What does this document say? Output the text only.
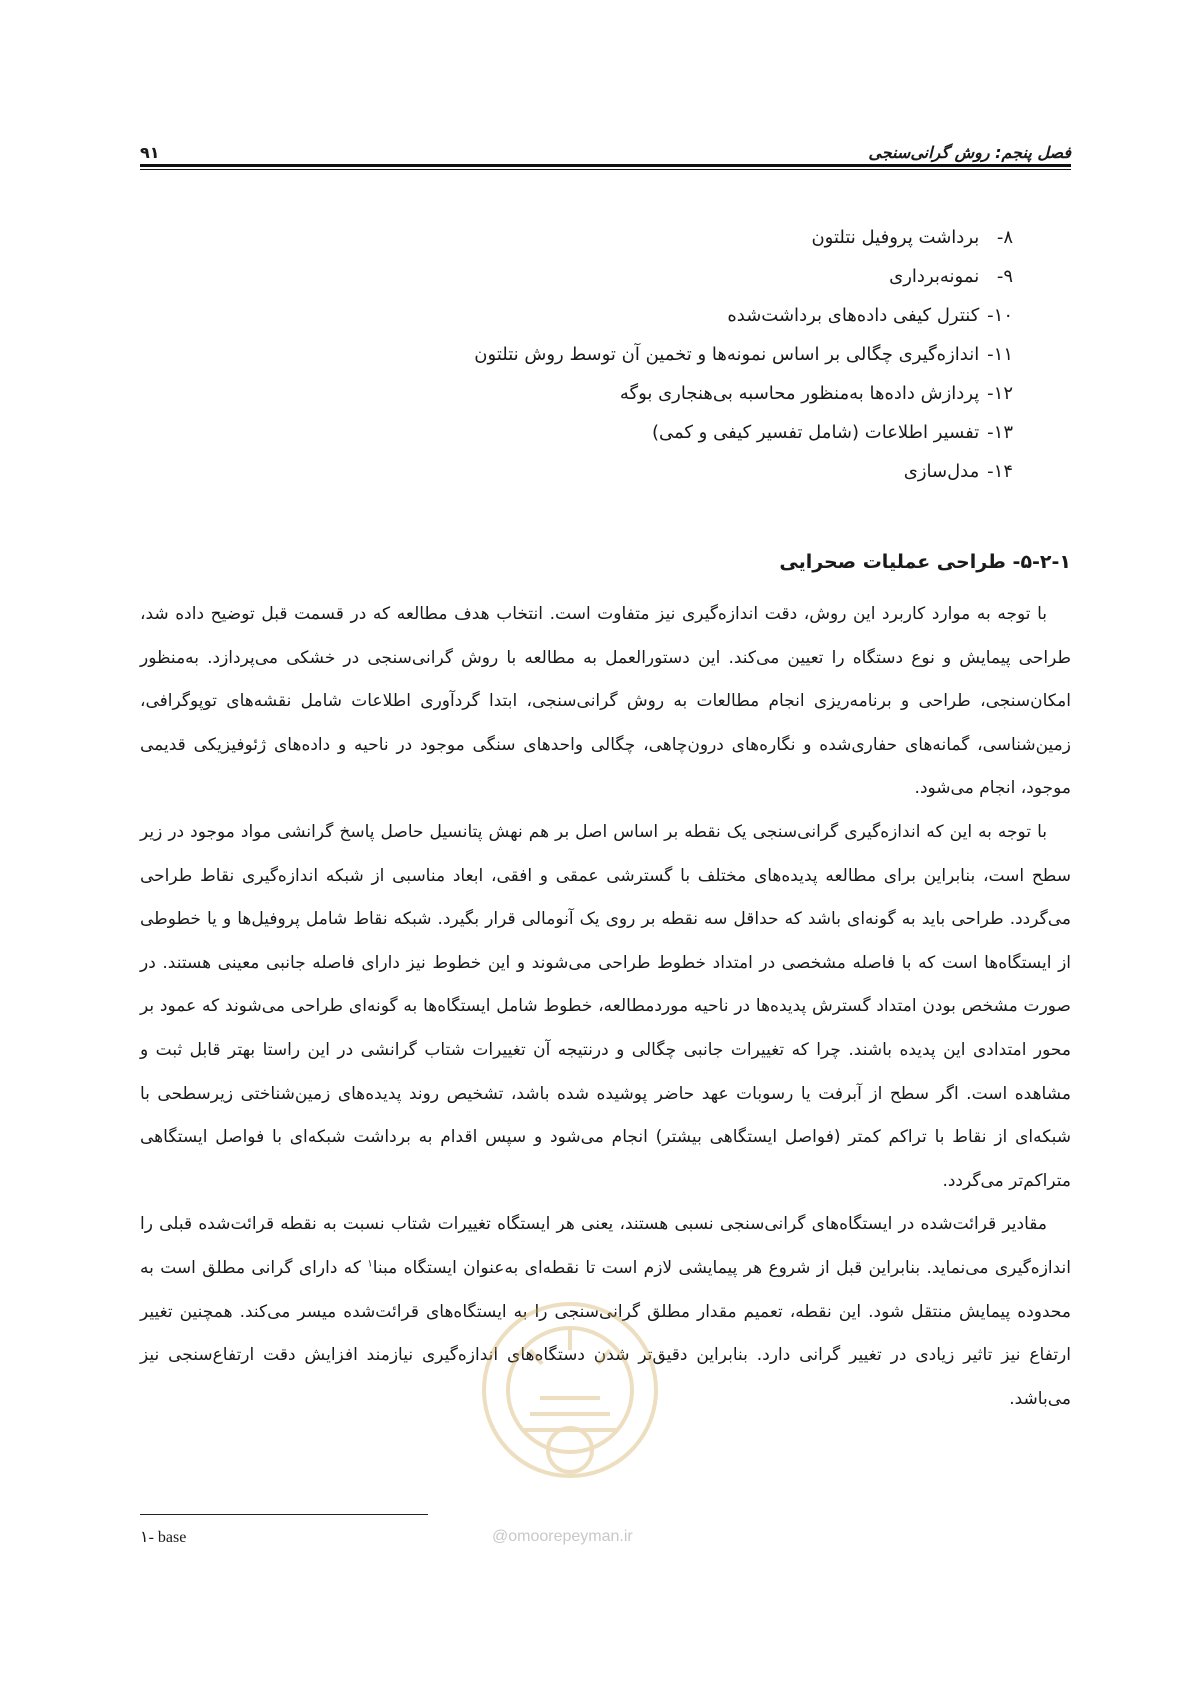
فصل پنجم: روش گرانی‌سنجی
۹۱
۸- برداشت پروفیل نتلتون
۹- نمونه‌برداری
۱۰- کنترل کیفی داده‌های برداشت‌شده
۱۱- اندازه‌گیری چگالی بر اساس نمونه‌ها و تخمین آن توسط روش نتلتون
۱۲- پردازش داده‌ها به‌منظور محاسبه بی‌هنجاری بوگه
۱۳- تفسیر اطلاعات (شامل تفسیر کیفی و کمی)
۱۴- مدل‌سازی
۵-۲-۱- طراحی عملیات صحرایی

با توجه به موارد کاربرد این روش، دقت اندازه‌گیری نیز متفاوت است. انتخاب هدف مطالعه که در قسمت قبل توضیح داده شد، طراحی پیمایش و نوع دستگاه را تعیین می‌کند. این دستورالعمل به مطالعه با روش گرانی‌سنجی در خشکی می‌پردازد. به‌منظور امکان‌سنجی، طراحی و برنامه‌ریزی انجام مطالعات به روش گرانی‌سنجی، ابتدا گردآوری اطلاعات شامل نقشه‌های توپوگرافی، زمین‌شناسی، گمانه‌های حفاری‌شده و نگاره‌های درون‌چاهی، چگالی واحدهای سنگی موجود در ناحیه و داده‌های ژئوفیزیکی قدیمی موجود، انجام می‌شود.

با توجه به این که اندازه‌گیری گرانی‌سنجی یک نقطه بر اساس اصل بر هم نهش پتانسیل حاصل پاسخ گرانشی مواد موجود در زیر سطح است، بنابراین برای مطالعه پدیده‌های مختلف با گسترشی عمقی و افقی، ابعاد مناسبی از شبکه اندازه‌گیری نقاط طراحی می‌گردد. طراحی باید به گونه‌ای باشد که حداقل سه نقطه بر روی یک آنومالی قرار بگیرد. شبکه نقاط شامل پروفیل‌ها و یا خطوطی از ایستگاه‌ها است که با فاصله مشخصی در امتداد خطوط طراحی می‌شوند و این خطوط نیز دارای فاصله جانبی معینی هستند. در صورت مشخص بودن امتداد گسترش پدیده‌ها در ناحیه موردمطالعه، خطوط شامل ایستگاه‌ها به گونه‌ای طراحی می‌شوند که عمود بر محور امتدادی این پدیده باشند. چرا که تغییرات جانبی چگالی و درنتیجه آن تغییرات شتاب گرانشی در این راستا بهتر قابل ثبت و مشاهده است. اگر سطح از آبرفت یا رسوبات عهد حاضر پوشیده شده باشد، تشخیص روند پدیده‌های زمین‌شناختی زیرسطحی با شبکه‌ای از نقاط با تراکم کمتر (فواصل ایستگاهی بیشتر) انجام می‌شود و سپس اقدام به برداشت شبکه‌ای با فواصل ایستگاهی متراکم‌تر می‌گردد.

مقادیر قرائت‌شده در ایستگاه‌های گرانی‌سنجی نسبی هستند، یعنی هر ایستگاه تغییرات شتاب نسبت به نقطه قرائت‌شده قبلی را اندازه‌گیری می‌نماید. بنابراین قبل از شروع هر پیمایشی لازم است تا نقطه‌ای به‌عنوان ایستگاه مبنا$^۱$ که دارای گرانی مطلق است به محدوده پیمایش منتقل شود. این نقطه، تعمیم مقدار مطلق گرانی‌سنجی را به ایستگاه‌های قرائت‌شده میسر می‌کند. همچنین تغییر ارتفاع نیز تاثیر زیادی در تغییر گرانی دارد. بنابراین دقیق‌تر شدن دستگاه‌های اندازه‌گیری نیازمند افزایش دقت ارتفاع‌سنجی نیز می‌باشد.

۱- base	@omoorepeyman.ir
